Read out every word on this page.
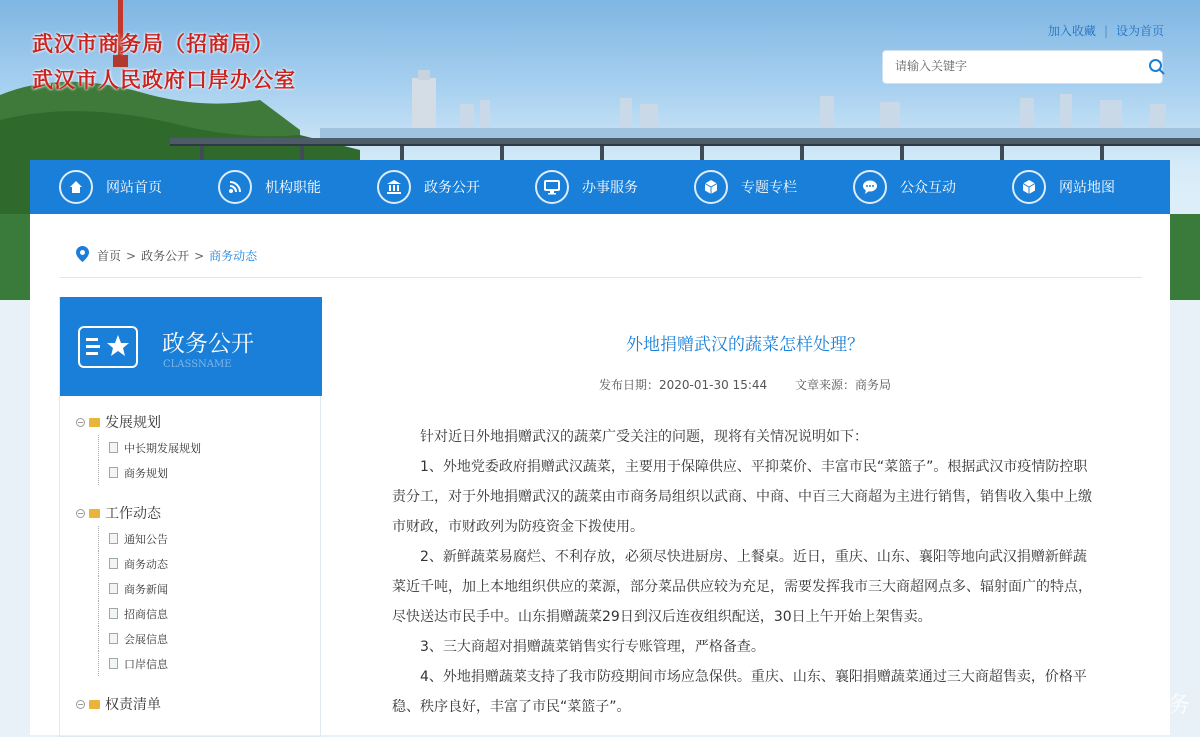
武汉市商务局（招商局）
武汉市人民政府口岸办公室
加入收藏 | 设为首页
请输入关键字
网站首页	机构职能	政务公开	办事服务	专题专栏	公众互动	网站地图
首页 > 政务公开 > 商务动态
政务公开
CLASSNAME
− 发展规划
中长期发展规划
商务规划
− 工作动态
通知公告
商务动态
商务新闻
招商信息
会展信息
口岸信息
− 权责清单
外地捐赠武汉的蔬菜怎样处理？
发布日期：2020-01-30 15:44 文章来源：商务局

针对近日外地捐赠武汉的蔬菜广受关注的问题，现将有关情况说明如下：

1、外地党委政府捐赠武汉蔬菜，主要用于保障供应、平抑菜价、丰富市民“菜篮子”。根据武汉市疫情防控职责分工，对于外地捐赠武汉的蔬菜由市商务局组织以武商、中商、中百三大商超为主进行销售，销售收入集中上缴市财政，市财政列为防疫资金下拨使用。

2、新鲜蔬菜易腐烂、不利存放，必须尽快进厨房、上餐桌。近日，重庆、山东、襄阳等地向武汉捐赠新鲜蔬菜近千吨，加上本地组织供应的菜源，部分菜品供应较为充足，需要发挥我市三大商超网点多、辐射面广的特点，尽快送达市民手中。山东捐赠蔬菜29日到汉后连夜组织配送，30日上午开始上架售卖。

3、三大商超对捐赠蔬菜销售实行专账管理，严格备查。

4、外地捐赠蔬菜支持了我市防疫期间市场应急保供。重庆、山东、襄阳捐赠蔬菜通过三大商超售卖，价格平稳、秩序良好，丰富了市民“菜篮子”。	务
